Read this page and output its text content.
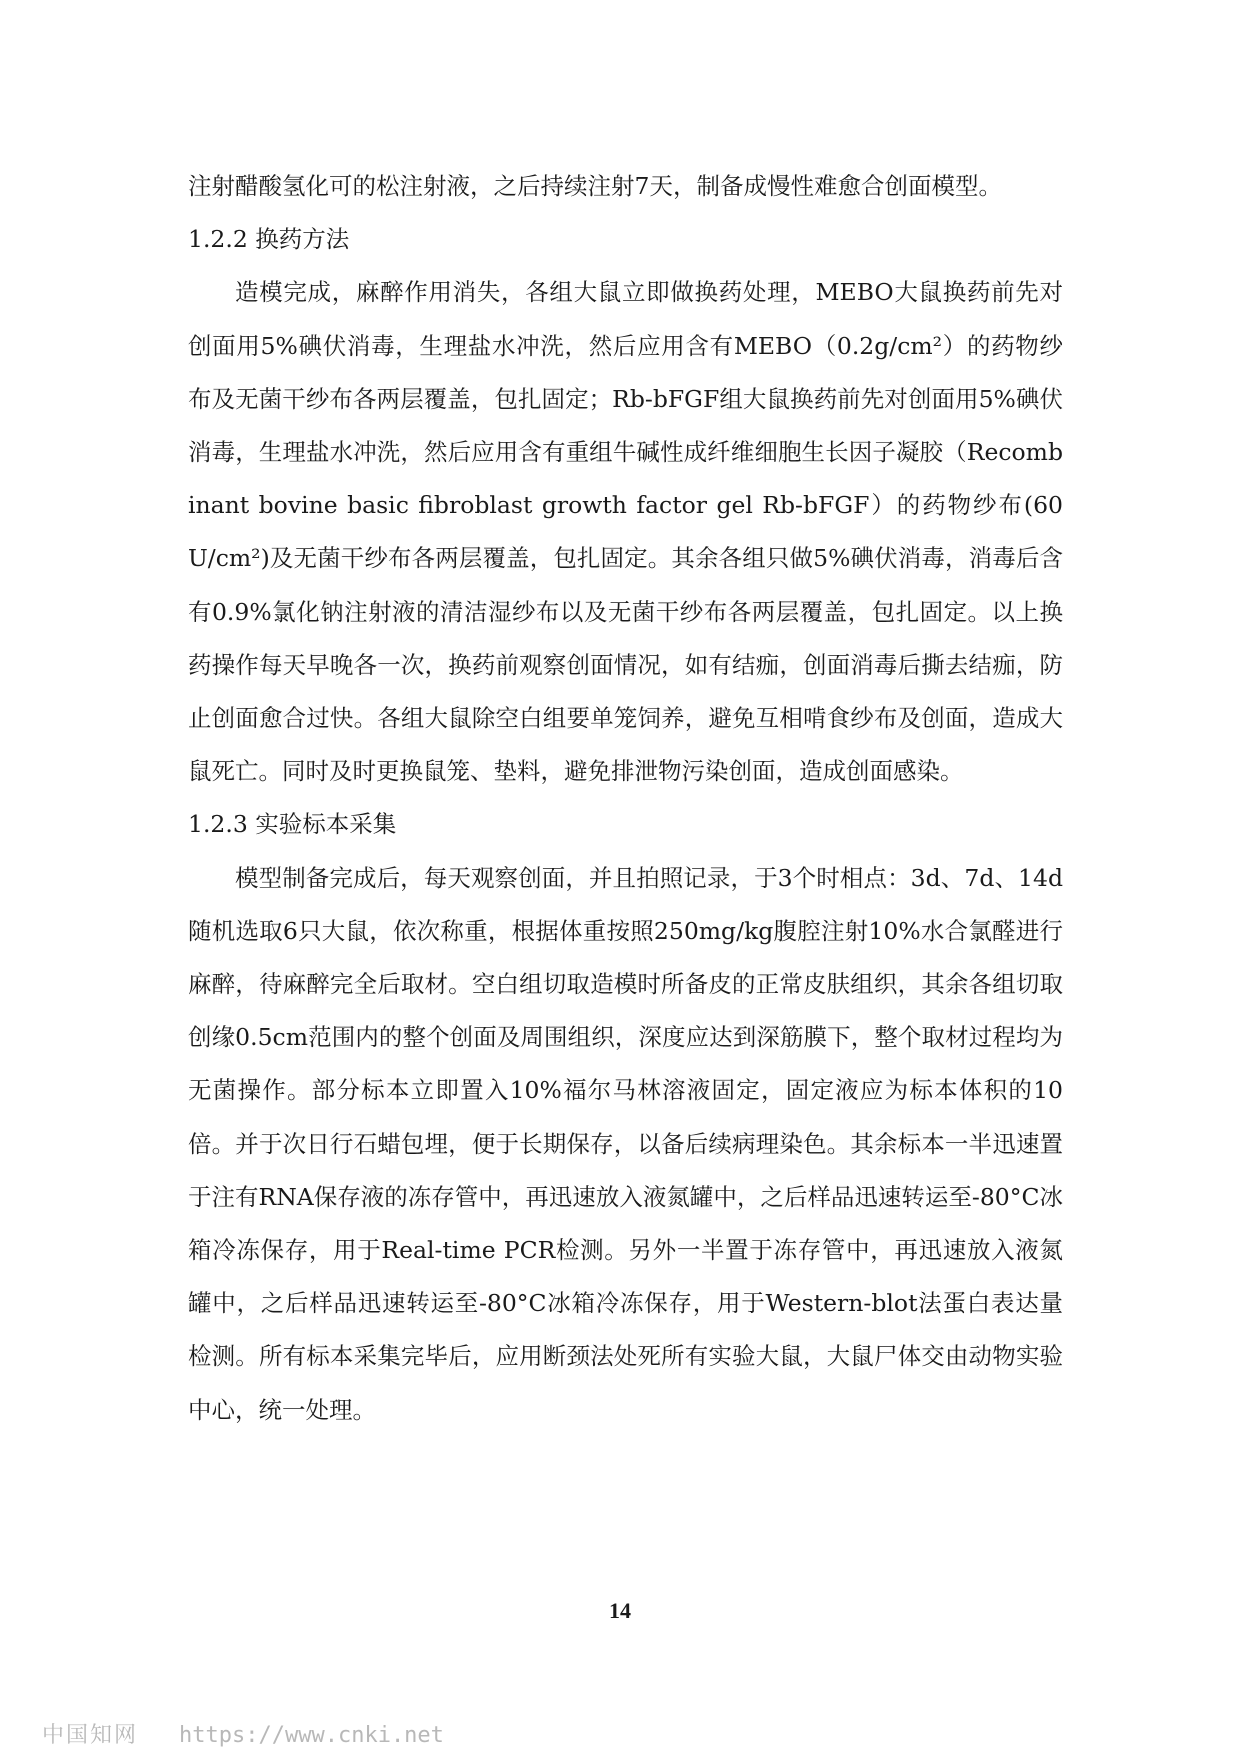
注射醋酸氢化可的松注射液，之后持续注射7天，制备成慢性难愈合创面模型。

1.2.2 换药方法

造模完成，麻醉作用消失，各组大鼠立即做换药处理，MEBO大鼠换药前先对创面用5%碘伏消毒，生理盐水冲洗，然后应用含有MEBO（0.2g/cm²）的药物纱布及无菌干纱布各两层覆盖，包扎固定；Rb-bFGF组大鼠换药前先对创面用5%碘伏消毒，生理盐水冲洗，然后应用含有重组牛碱性成纤维细胞生长因子凝胶（Recombinant bovine basic fibroblast growth factor gel Rb-bFGF）的药物纱布(60 U/cm²)及无菌干纱布各两层覆盖，包扎固定。其余各组只做5%碘伏消毒，消毒后含有0.9%氯化钠注射液的清洁湿纱布以及无菌干纱布各两层覆盖，包扎固定。以上换药操作每天早晚各一次，换药前观察创面情况，如有结痂，创面消毒后撕去结痂，防止创面愈合过快。各组大鼠除空白组要单笼饲养，避免互相啃食纱布及创面，造成大鼠死亡。同时及时更换鼠笼、垫料，避免排泄物污染创面，造成创面感染。

1.2.3 实验标本采集

模型制备完成后，每天观察创面，并且拍照记录，于3个时相点：3d、7d、14d随机选取6只大鼠，依次称重，根据体重按照250mg/kg腹腔注射10%水合氯醛进行麻醉，待麻醉完全后取材。空白组切取造模时所备皮的正常皮肤组织，其余各组切取创缘0.5cm范围内的整个创面及周围组织，深度应达到深筋膜下，整个取材过程均为无菌操作。部分标本立即置入10%福尔马林溶液固定，固定液应为标本体积的10倍。并于次日行石蜡包埋，便于长期保存，以备后续病理染色。其余标本一半迅速置于注有RNA保存液的冻存管中，再迅速放入液氮罐中，之后样品迅速转运至-80°C冰箱冷冻保存，用于Real-time PCR检测。另外一半置于冻存管中，再迅速放入液氮罐中，之后样品迅速转运至-80°C冰箱冷冻保存，用于Western-blot法蛋白表达量检测。所有标本采集完毕后，应用断颈法处死所有实验大鼠，大鼠尸体交由动物实验中心，统一处理。

14

中国知网 https://www.cnki.net
